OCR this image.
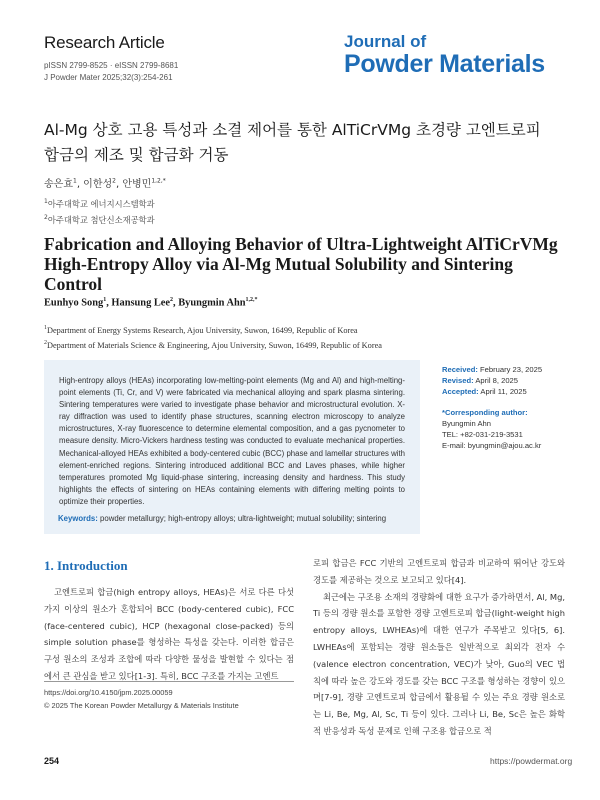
Research Article
pISSN 2799-8525 · eISSN 2799-8681
J Powder Mater 2025;32(3):254-261
Journal of
Powder Materials
Al-Mg 상호 고용 특성과 소결 제어를 통한 AlTiCrVMg 초경량 고엔트로피
합금의 제조 및 합금화 거동
송은효$^1$, 이한성$^2$, 안병민$^{1,2,*}$
$^1$아주대학교 에너지시스템학과
$^2$아주대학교 첨단신소재공학과
Fabrication and Alloying Behavior of Ultra-Lightweight AlTiCrVMg
High-Entropy Alloy via Al-Mg Mutual Solubility and Sintering
Control
Eunhyo Song$^1$, Hansung Lee$^2$, Byungmin Ahn$^{1,2,*}$
$^1$Department of Energy Systems Research, Ajou University, Suwon, 16499, Republic of Korea
$^2$Department of Materials Science & Engineering, Ajou University, Suwon, 16499, Republic of Korea

High-entropy alloys (HEAs) incorporating low-melting-point elements (Mg and Al) and high-melting-point elements (Ti, Cr, and V) were fabricated via mechanical alloying and spark plasma sintering. Sintering temperatures were varied to investigate phase behavior and microstructural evolution. X-ray diffraction was used to identify phase structures, scanning electron microscopy to analyze microstructures, X-ray fluorescence to determine elemental composition, and a gas pycnometer to measure density. Micro-Vickers hardness testing was conducted to evaluate mechanical properties. Mechanical-alloyed HEAs exhibited a body-centered cubic (BCC) phase and lamellar structures with element-enriched regions. Sintering introduced additional BCC and Laves phases, while higher temperatures promoted Mg liquid-phase sintering, increasing density and hardness. This study highlights the effects of sintering on HEAs containing elements with differing melting points to optimize their properties.

Keywords: powder metallurgy; high-entropy alloys; ultra-lightweight; mutual solubility; sintering
Received: February 23, 2025
Revised: April 8, 2025
Accepted: April 11, 2025
*Corresponding author:
Byungmin Ahn
TEL: +82-031-219-3531
E-mail: byungmin@ajou.ac.kr
1. Introduction

고엔트로피 합금(high entropy alloys, HEAs)은 서로 다른 다섯 가지 이상의 원소가 혼합되어 BCC (body-centered cubic), FCC (face-centered cubic), HCP (hexagonal close-packed) 등의 simple solution phase를 형성하는 특성을 갖는다. 이러한 합금은 구성 원소의 조성과 조합에 따라 다양한 물성을 발현할 수 있다는 점에서 큰 관심을 받고 있다[1-3]. 특히, BCC 구조를 가지는 고엔트

로피 합금은 FCC 기반의 고엔트로피 합금과 비교하여 뛰어난 강도와 경도를 제공하는 것으로 보고되고 있다[4].

최근에는 구조용 소재의 경량화에 대한 요구가 증가하면서, Al, Mg, Ti 등의 경량 원소를 포함한 경량 고엔트로피 합금(light-weight high entropy alloys, LWHEAs)에 대한 연구가 주목받고 있다[5, 6]. LWHEAs에 포함되는 경량 원소들은 일반적으로 최외각 전자 수(valence electron concentration, VEC)가 낮아, Guo의 VEC 법칙에 따라 높은 강도와 경도를 갖는 BCC 구조를 형성하는 경향이 있으며[7-9], 경량 고엔트로피 합금에서 활용될 수 있는 주요 경량 원소로는 Li, Be, Mg, Al, Sc, Ti 등이 있다. 그러나 Li, Be, Sc은 높은 화학적 반응성과 독성 문제로 인해 구조용 합금으로 적

https://doi.org/10.4150/jpm.2025.00059
© 2025 The Korean Powder Metallurgy & Materials Institute
254	https://powdermat.org
